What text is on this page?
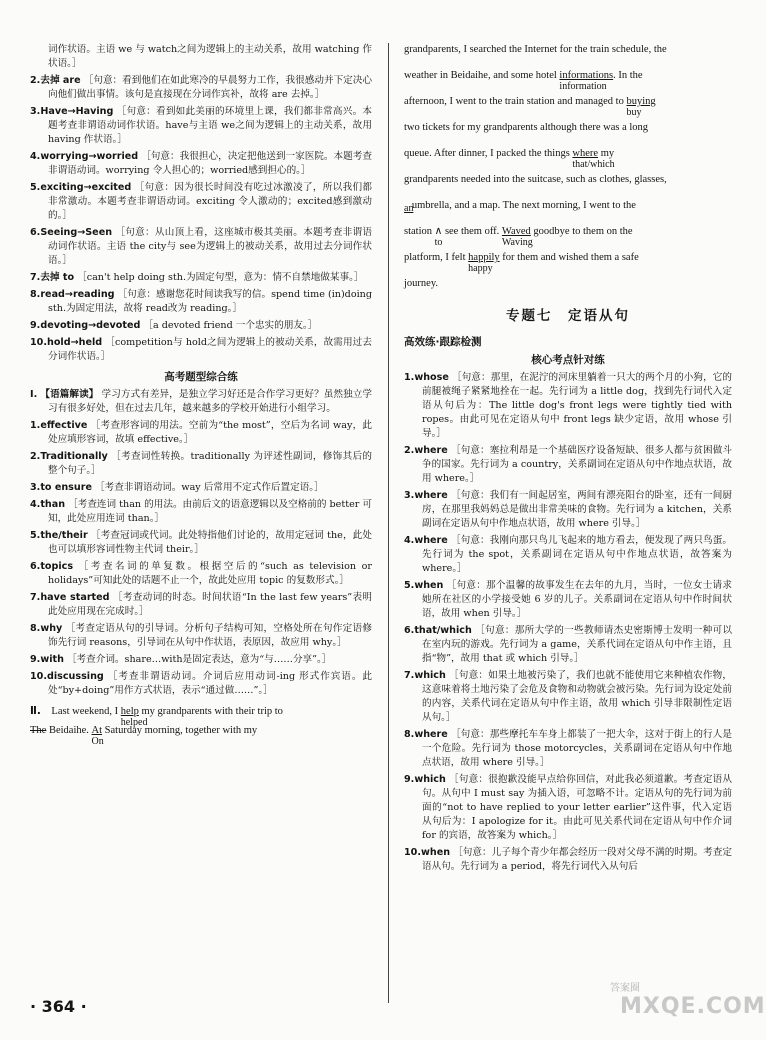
词作状语。主语 we 与 watch之间为逻辑上的主动关系，故用 watching 作状语。］

2.去掉 are ［句意：看到他们在如此寒冷的早晨努力工作，我很感动并下定决心向他们做出事情。该句是直接现在分词作宾补，故将 are 去掉。］

3.Have→Having ［句意：看到如此美丽的环境里上课，我们都非常高兴。本题考查非谓语动词作状语。have与主语 we之间为逻辑上的主动关系，故用 having 作状语。］

4.worrying→worried ［句意：我很担心，决定把他送到一家医院。本题考查非谓语动词。worrying 令人担心的；worried感到担心的。］

5.exciting→excited ［句意：因为很长时间没有吃过冰激凌了，所以我们都非常激动。本题考查非谓语动词。exciting 令人激动的；excited感到激动的。］

6.Seeing→Seen ［句意：从山顶上看，这座城市极其美丽。本题考查非谓语动词作状语。主语 the city与 see为逻辑上的被动关系，故用过去分词作状语。］

7.去掉 to ［can't help doing sth.为固定句型，意为：情不自禁地做某事。］

8.read→reading ［句意：感谢您花时间读我写的信。spend time (in)doing sth.为固定用法，故将 read改为 reading。］

9.devoting→devoted ［a devoted friend 一个忠实的朋友。］

10.hold→held ［competition与 hold之间为逻辑上的被动关系，故需用过去分词作状语。］

高考题型综合练

Ⅰ. 【语篇解读】 学习方式有差异，是独立学习好还是合作学习更好？虽然独立学习有很多好处，但在过去几年，越来越多的学校开始进行小组学习。

1.effective ［考查形容词的用法。空前为“the most”，空后为名词 way，此处应填形容词，故填 effective。］

2.Traditionally ［考查词性转换。traditionally 为评述性副词，修饰其后的整个句子。］

3.to ensure ［考查非谓语动词。way 后常用不定式作后置定语。］

4.than ［考查连词 than 的用法。由前后文的语意逻辑以及空格前的 better 可知，此处应用连词 than。］

5.the/their ［考查冠词或代词。此处特指他们讨论的，故用定冠词 the，此处也可以填形容词性物主代词 their。］

6.topics ［考查名词的单复数。根据空后的“such as television or holidays”可知此处的话题不止一个，故此处应用 topic 的复数形式。］

7.have started ［考查动词的时态。时间状语“In the last few years”表明此处应用现在完成时。］

8.why ［考查定语从句的引导词。分析句子结构可知，空格处所在句作定语修饰先行词 reasons，引导词在从句中作状语，表原因，故应用 why。］

9.with ［考查介词。share…with是固定表达，意为“与……分享”。］

10.discussing ［考查非谓语动词。介词后应用动词-ing 形式作宾语。此处“by+doing”用作方式状语，表示“通过做……”。］

Ⅱ. Last weekend, I help
helped
my grandparents with their trip to
The Beidaihe. At
On
Saturday morning, together with my
grandparents, I searched the Internet for the train schedule, the
weather in Beidaihe, and some hotel informations
information
. In the
afternoon, I went to the train station and managed to buying
buy

two tickets for my grandparents although there was a long
queue. After dinner, I packed the things where
that/which
my
grandparents needed into the suitcase, such as clothes, glasses,

an
umbrella, and a map. The next morning, I went to the
station ∧
to
see them off. Waved
Waving
goodbye to them on the
platform, I felt happily
happy
for them and wished them a safe
journey.
专题七　定语从句
高效练·跟踪检测
核心考点针对练

1.whose ［句意：那里，在泥泞的河床里躺着一只大的两个月的小狗，它的前腿被绳子紧紧地拴在一起。先行词为 a little dog，找到先行词代入定语从句后为：The little dog's front legs were tightly tied with ropes。由此可见在定语从句中 front legs 缺少定语，故用 whose 引导。］

2.where ［句意：塞拉利昂是一个基础医疗设备短缺、很多人都与贫困做斗争的国家。先行词为 a country，关系副词在定语从句中作地点状语，故用 where。］

3.where ［句意：我们有一间起居室，两间有漂亮阳台的卧室，还有一间厨房，在那里我妈妈总是做出非常美味的食物。先行词为 a kitchen，关系副词在定语从句中作地点状语，故用 where 引导。］

4.where ［句意：我刚向那只鸟儿飞起来的地方看去，便发现了两只鸟蛋。先行词为 the spot，关系副词在定语从句中作地点状语，故答案为 where。］

5.when ［句意：那个温馨的故事发生在去年的九月，当时，一位女士请求她所在社区的小学接受她 6 岁的儿子。关系副词在定语从句中作时间状语，故用 when 引导。］

6.that/which ［句意：那所大学的一些教师请杰史密斯博士发明一种可以在室内玩的游戏。先行词为 a game，关系代词在定语从句中作主语，且指“物”，故用 that 或 which 引导。］

7.which ［句意：如果土地被污染了，我们也就不能使用它来种植农作物，这意味着将土地污染了会危及食物和动物就会被污染。先行词为设定处前的内容，关系代词在定语从句中作主语，故用 which 引导非限制性定语从句。］

8.where ［句意：那些摩托车车身上都装了一把大伞，这对于街上的行人是一个危险。先行词为 those motorcycles，关系副词在定语从句中作地点状语，故用 where 引导。］

9.which ［句意：很抱歉没能早点给你回信，对此我必须道歉。考查定语从句。从句中 I must say 为插入语，可忽略不计。定语从句的先行词为前面的“not to have replied to your letter earlier”这件事，代入定语从句后为：I apologize for it。由此可见关系代词在定语从句中作介词 for 的宾语，故答案为 which。］

10.when ［句意：儿子每个青少年都会经历一段对父母不满的时期。考查定语从句。先行词为 a period，将先行词代入从句后

· 364 ·
答案圈
MXQE.COM
